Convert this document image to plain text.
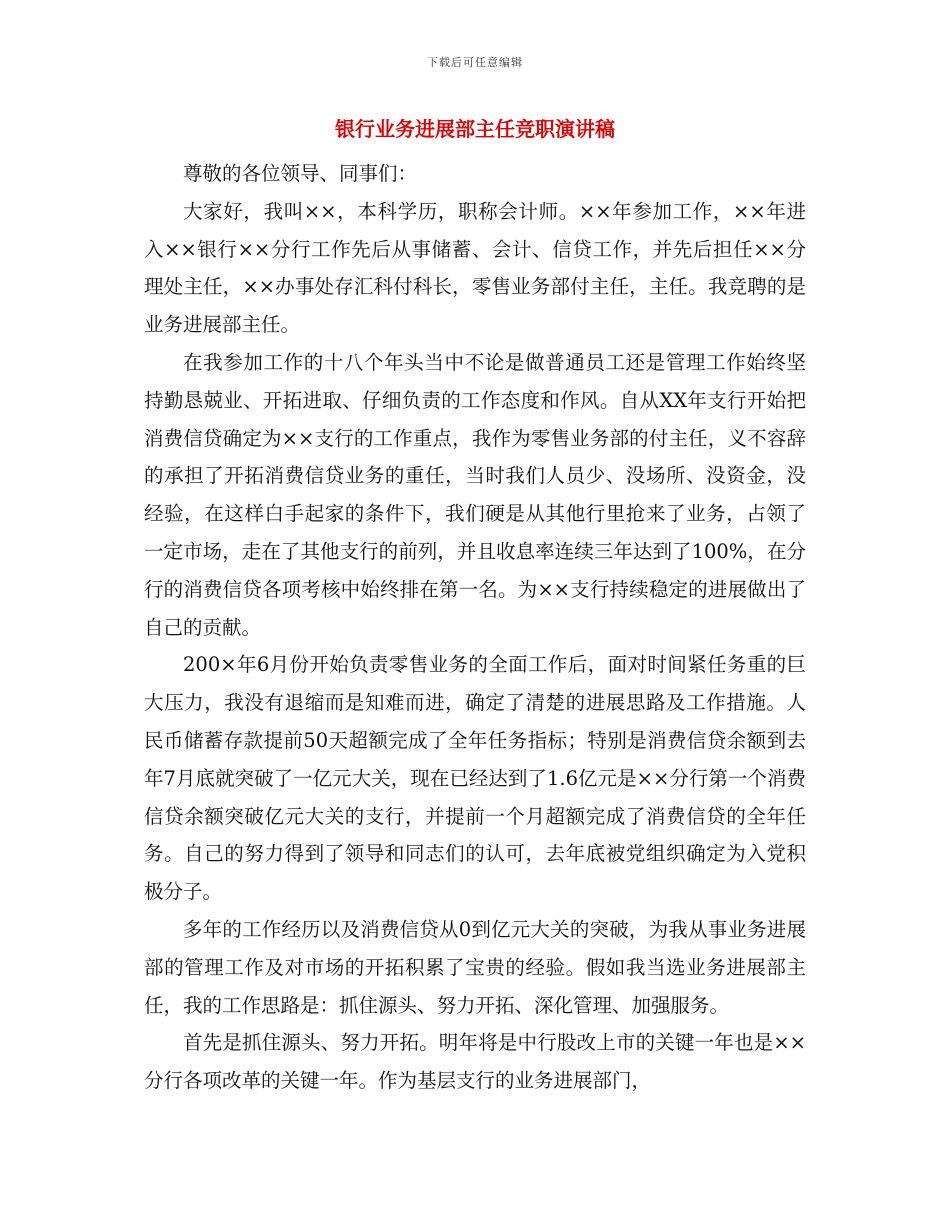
下载后可任意编辑
银行业务进展部主任竞职演讲稿

尊敬的各位领导、同事们：

大家好，我叫××，本科学历，职称会计师。××年参加工作，××年进入××银行××分行工作先后从事储蓄、会计、信贷工作，并先后担任××分理处主任，××办事处存汇科付科长，零售业务部付主任，主任。我竞聘的是业务进展部主任。

在我参加工作的十八个年头当中不论是做普通员工还是管理工作始终坚持勤恳兢业、开拓进取、仔细负责的工作态度和作风。自从XX年支行开始把消费信贷确定为××支行的工作重点，我作为零售业务部的付主任，义不容辞的承担了开拓消费信贷业务的重任，当时我们人员少、没场所、没资金，没经验，在这样白手起家的条件下，我们硬是从其他行里抢来了业务，占领了一定市场，走在了其他支行的前列，并且收息率连续三年达到了100%，在分行的消费信贷各项考核中始终排在第一名。为××支行持续稳定的进展做出了自己的贡献。

200×年6月份开始负责零售业务的全面工作后，面对时间紧任务重的巨大压力，我没有退缩而是知难而进，确定了清楚的进展思路及工作措施。人民币储蓄存款提前50天超额完成了全年任务指标；特别是消费信贷余额到去年7月底就突破了一亿元大关，现在已经达到了1.6亿元是××分行第一个消费信贷余额突破亿元大关的支行，并提前一个月超额完成了消费信贷的全年任务。自己的努力得到了领导和同志们的认可，去年底被党组织确定为入党积极分子。

多年的工作经历以及消费信贷从0到亿元大关的突破，为我从事业务进展部的管理工作及对市场的开拓积累了宝贵的经验。假如我当选业务进展部主任，我的工作思路是：抓住源头、努力开拓、深化管理、加强服务。

首先是抓住源头、努力开拓。明年将是中行股改上市的关键一年也是××分行各项改革的关键一年。作为基层支行的业务进展部门，
